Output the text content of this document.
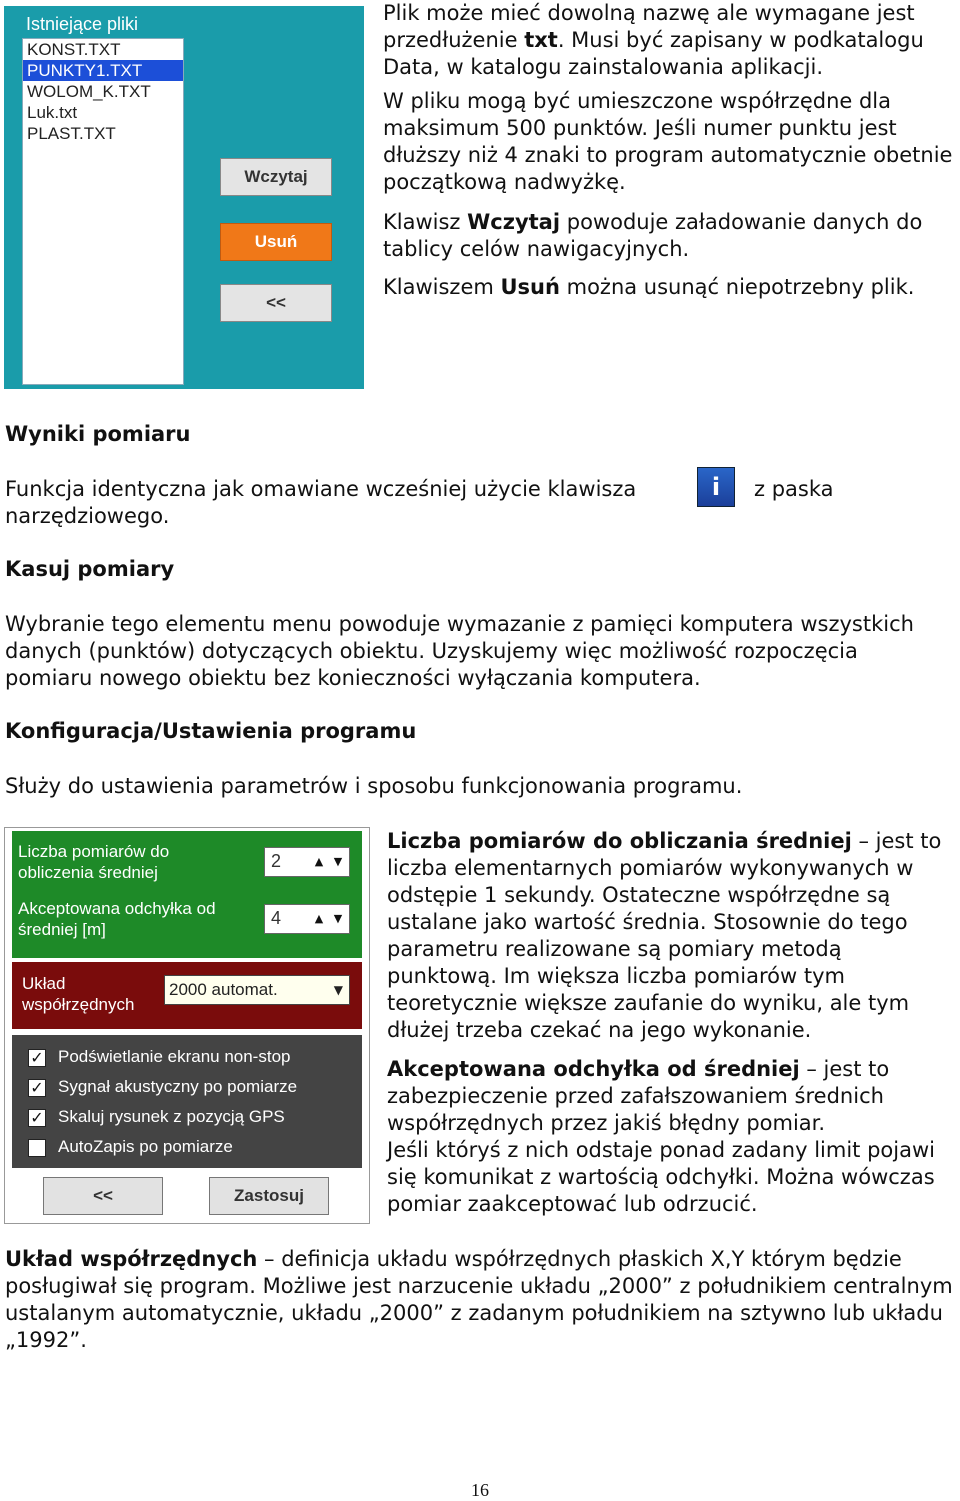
Istniejące pliki
KONST.TXT
PUNKTY1.TXT
WOLOM_K.TXT
Luk.txt
PLAST.TXT
Wczytaj
Usuń
<<

Plik może mieć dowolną nazwę ale wymagane jest przedłużenie txt. Musi być zapisany w podkatalogu Data, w katalogu zainstalowania aplikacji.

W pliku mogą być umieszczone współrzędne dla maksimum 500 punktów. Jeśli numer punktu jest dłuższy niż 4 znaki to program automatycznie obetnie początkową nadwyżkę.

Klawisz Wczytaj powoduje załadowanie danych do tablicy celów nawigacyjnych.

Klawiszem Usuń można usunąć niepotrzebny plik.

Wyniki pomiaru

Funkcja identyczna jak omawiane wcześniej użycie klawisza	i	z paska

narzędziowego.

Kasuj pomiary

Wybranie tego elementu menu powoduje wymazanie z pamięci komputera wszystkich danych (punktów) dotyczących obiektu. Uzyskujemy więc możliwość rozpoczęcia pomiaru nowego obiektu bez konieczności wyłączania komputera.

Konfiguracja/Ustawienia programu

Służy do ustawienia parametrów i sposobu funkcjonowania programu.

Liczba pomiarów do obliczenia średniej
2	▲ ▼
Akceptowana odchyłka od średniej [m]
4	▲ ▼
Układ współrzędnych
2000 automat.	▼
✓ Podświetlanie ekranu non-stop
✓ Sygnał akustyczny po pomiarze
✓ Skaluj rysunek z pozycją GPS
AutoZapis po pomiarze
<<	Zastosuj

Liczba pomiarów do obliczania średniej – jest to liczba elementarnych pomiarów wykonywanych w odstępie 1 sekundy. Ostateczne współrzędne są ustalane jako wartość średnia. Stosownie do tego parametru realizowane są pomiary metodą punktową. Im większa liczba pomiarów tym teoretycznie większe zaufanie do wyniku, ale tym dłużej trzeba czekać na jego wykonanie.

Akceptowana odchyłka od średniej – jest to zabezpieczenie przed zafałszowaniem średnich współrzędnych przez jakiś błędny pomiar.
Jeśli któryś z nich odstaje ponad zadany limit pojawi się komunikat z wartością odchyłki. Można wówczas pomiar zaakceptować lub odrzucić.

Układ współrzędnych – definicja układu współrzędnych płaskich X,Y którym będzie posługiwał się program. Możliwe jest narzucenie układu „2000” z południkiem centralnym ustalanym automatycznie, układu „2000” z zadanym południkiem na sztywno lub układu „1992”.

16
